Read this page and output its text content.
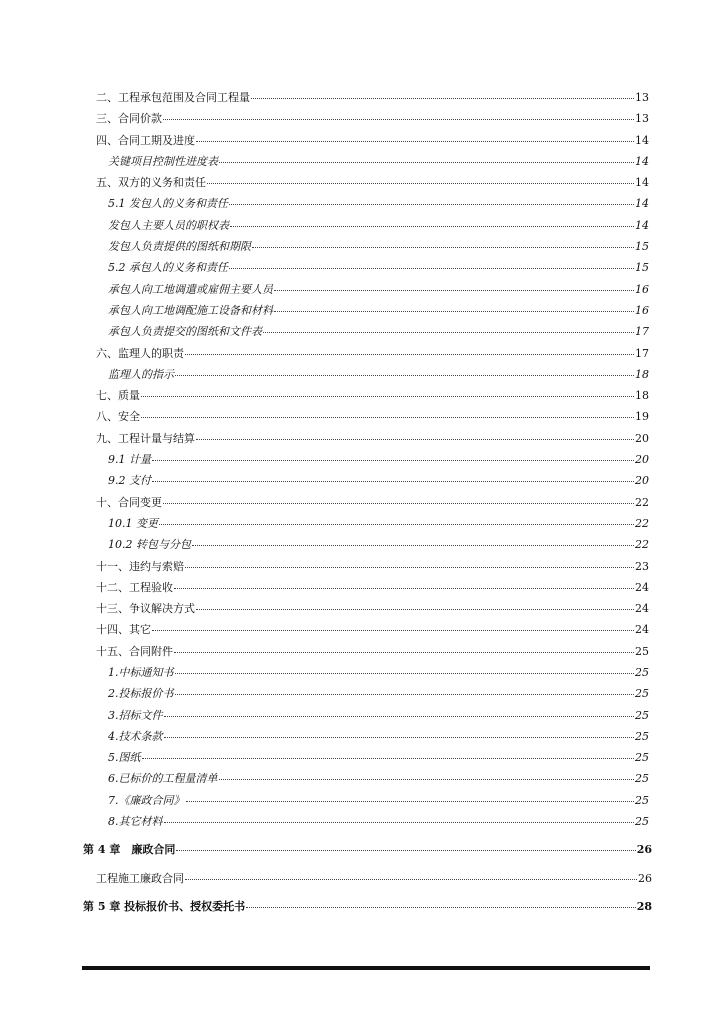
二、工程承包范围及合同工程量	13
三、合同价款	13
四、合同工期及进度	14
关键项目控制性进度表	14
五、双方的义务和责任	14
5.1 发包人的义务和责任	14
发包人主要人员的职权表	14
发包人负责提供的图纸和期限	15
5.2 承包人的义务和责任	15
承包人向工地调遣或雇佣主要人员	16
承包人向工地调配施工设备和材料	16
承包人负责提交的图纸和文件表	17
六、监理人的职责	17
监理人的指示	18
七、质量	18
八、安全	19
九、工程计量与结算	20
9.1 计量	20
9.2 支付	20
十、合同变更	22
10.1 变更	22
10.2 转包与分包	22
十一、违约与索赔	23
十二、工程验收	24
十三、争议解决方式	24
十四、其它	24
十五、合同附件	25
1.中标通知书	25
2.投标报价书	25
3.招标文件	25
4.技术条款	25
5.图纸	25
6.已标价的工程量清单	25
7.《廉政合同》	25
8.其它材料	25
第 4 章　廉政合同	26
工程施工廉政合同	26
第 5 章 投标报价书、授权委托书	28
